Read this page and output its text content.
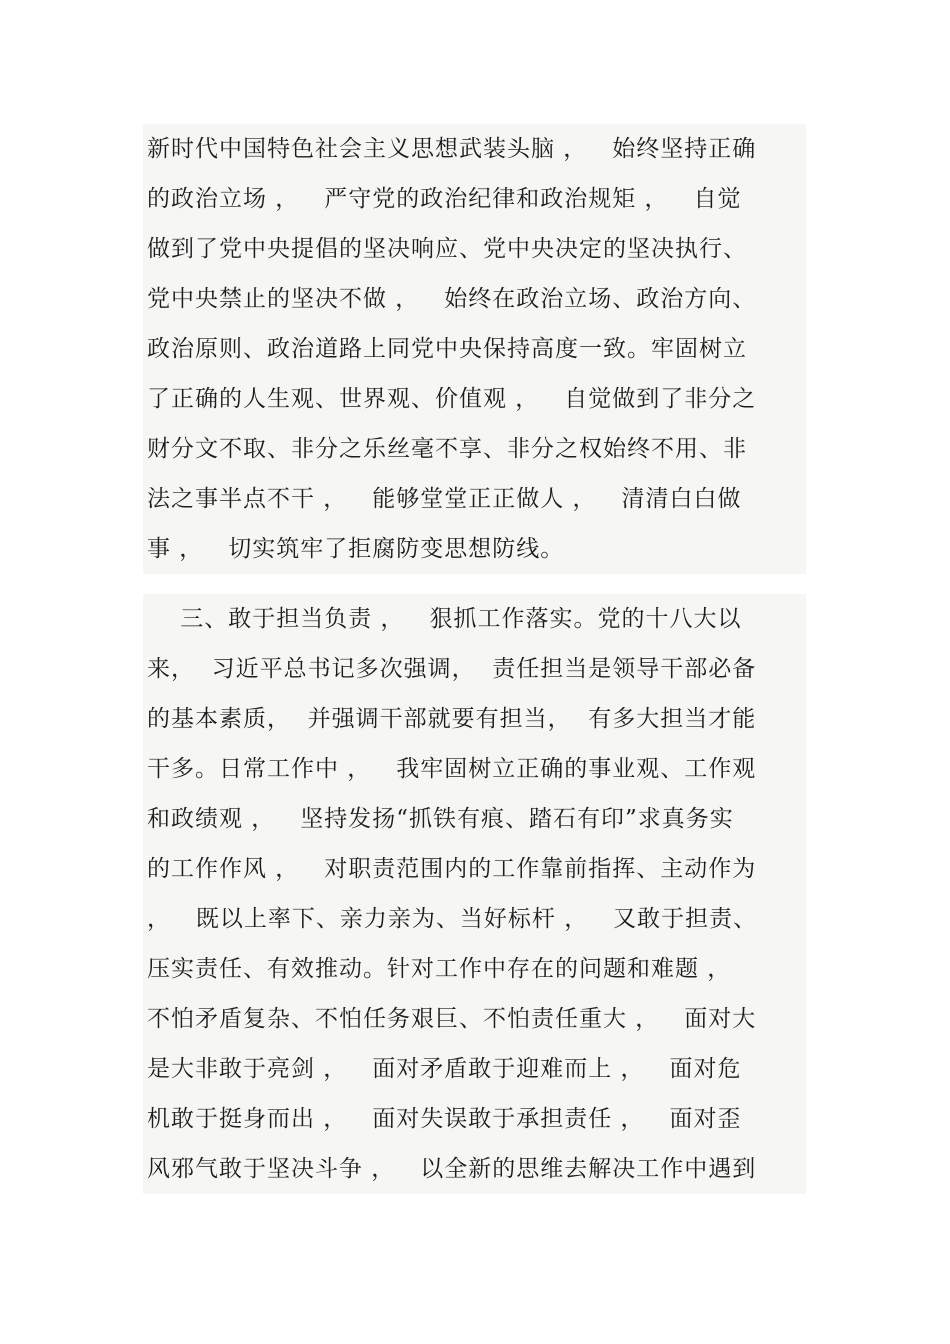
新时代中国特色社会主义思想武装头脑 ，   始终坚持正确
的政治立场 ，   严守党的政治纪律和政治规矩 ，   自觉
做到了党中央提倡的坚决响应、党中央决定的坚决执行、
党中央禁止的坚决不做 ，   始终在政治立场、政治方向、
政治原则、政治道路上同党中央保持高度一致。牢固树立
了正确的人生观、世界观、价值观 ，   自觉做到了非分之
财分文不取、非分之乐丝毫不享、非分之权始终不用、非
法之事半点不干 ，   能够堂堂正正做人 ，   清清白白做
事 ，   切实筑牢了拒腐防变思想防线。
三、敢于担当负责 ，   狠抓工作落实。党的十八大以
来，  习近平总书记多次强调，  责任担当是领导干部必备
的基本素质，  并强调干部就要有担当，  有多大担当才能
干多。日常工作中 ，   我牢固树立正确的事业观、工作观
和政绩观 ，   坚持发扬“抓铁有痕、踏石有印”求真务实
的工作作风 ，   对职责范围内的工作靠前指挥、主动作为
，   既以上率下、亲力亲为、当好标杆 ，   又敢于担责、
压实责任、有效推动。针对工作中存在的问题和难题 ，
不怕矛盾复杂、不怕任务艰巨、不怕责任重大 ，   面对大
是大非敢于亮剑 ，   面对矛盾敢于迎难而上 ，   面对危
机敢于挺身而出 ，   面对失误敢于承担责任 ，   面对歪
风邪气敢于坚决斗争 ，   以全新的思维去解决工作中遇到
